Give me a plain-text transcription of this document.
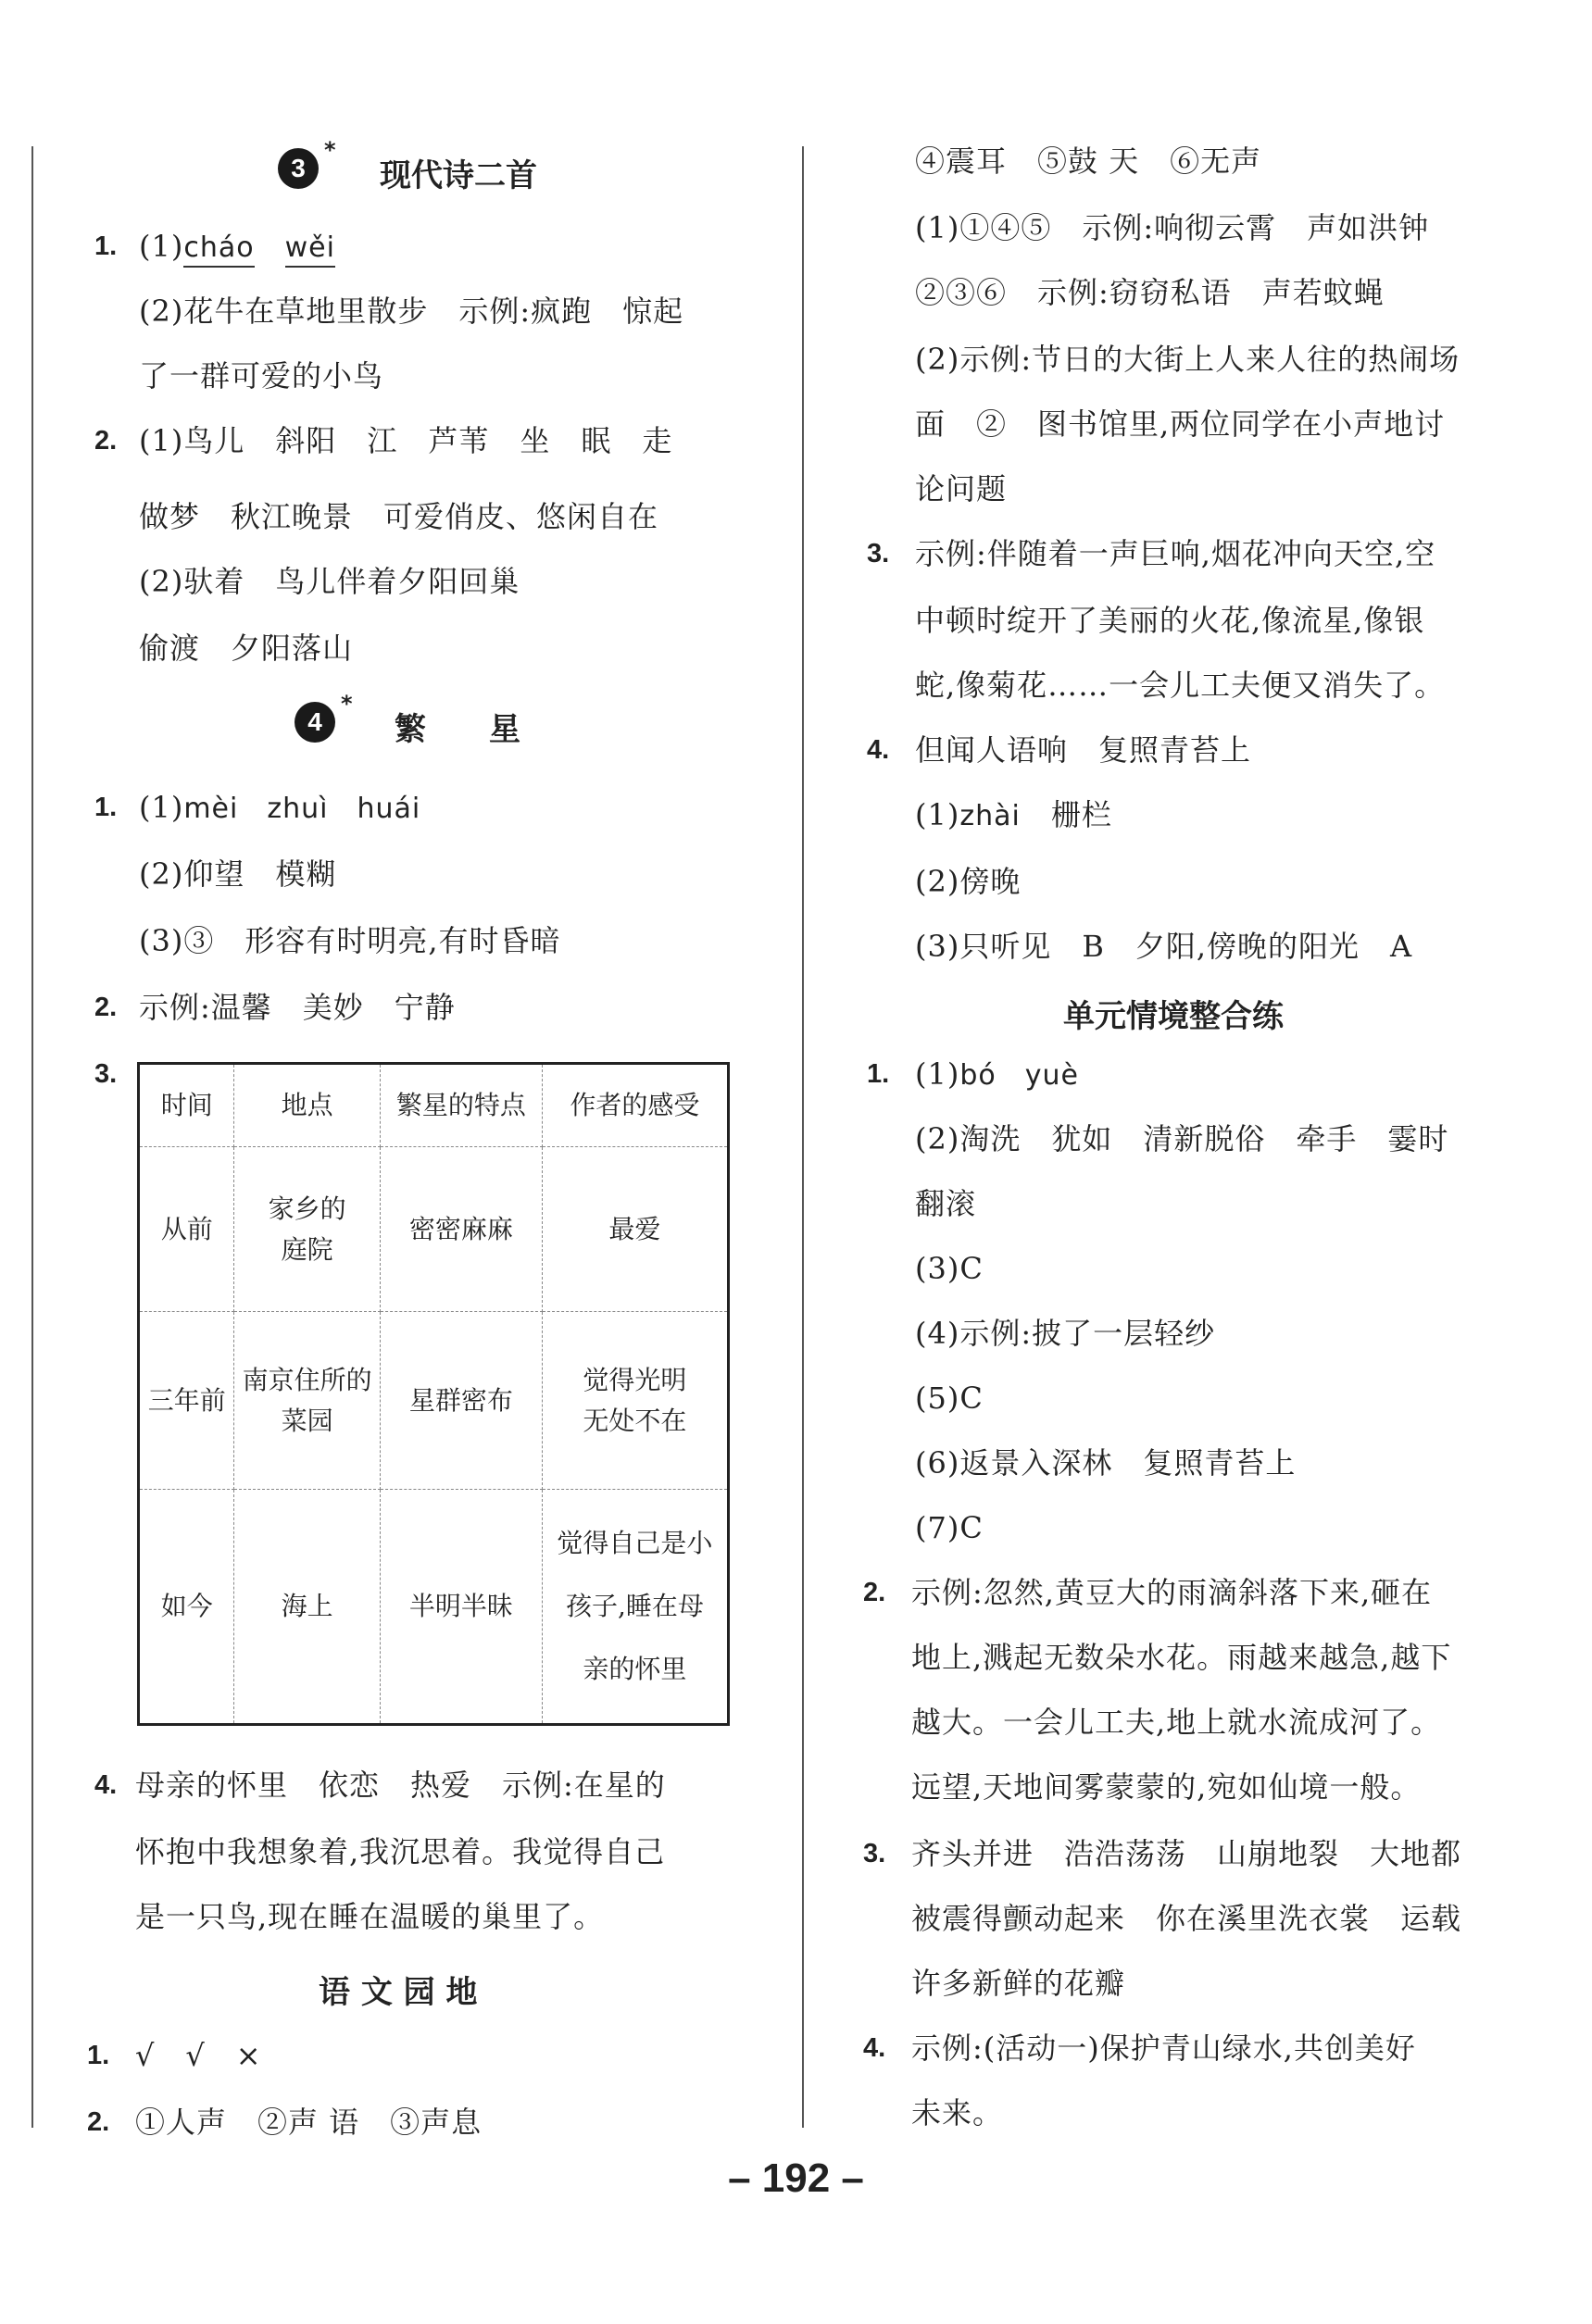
3
*
现代诗二首
1. (1)cháo　 wěi
(2)花牛在草地里散步　示例:疯跑　惊起
了一群可爱的小鸟
2. (1)鸟儿　斜阳　江　芦苇　坐　眠　走
做梦　秋江晚景　可爱俏皮、悠闲自在
(2)驮着　鸟儿伴着夕阳回巢
偷渡　夕阳落山
4
*
繁　　星
1. (1)mèi　zhuì　huái
(2)仰望　模糊
(3)③　形容有时明亮,有时昏暗
2. 示例:温馨　美妙　宁静
3.
时间	地点	繁星的特点	作者的感受
从前	家乡的庭院	密密麻麻	最爱
三年前	南京住所的菜园	星群密布	觉得光明无处不在
如今	海上	半明半昧	觉得自己是小孩子,睡在母亲的怀里
4. 母亲的怀里　依恋　热爱　示例:在星的
怀抱中我想象着,我沉思着。我觉得自己
是一只鸟,现在睡在温暖的巢里了。
语 文 园 地
1. √　√　×
2. ①人声　②声 语　③声息
④震耳　⑤鼓 天　⑥无声
(1)①④⑤　示例:响彻云霄　声如洪钟
②③⑥　示例:窃窃私语　声若蚊蝇
(2)示例:节日的大街上人来人往的热闹场
面　②　图书馆里,两位同学在小声地讨
论问题
3. 示例:伴随着一声巨响,烟花冲向天空,空
中顿时绽开了美丽的火花,像流星,像银
蛇,像菊花……一会儿工夫便又消失了。
4. 但闻人语响　复照青苔上
(1)zhài　栅栏
(2)傍晚
(3)只听见　B　夕阳,傍晚的阳光　A
单元情境整合练
1. (1)bó　yuè
(2)淘洗　犹如　清新脱俗　牵手　霎时
翻滚
(3)C
(4)示例:披了一层轻纱
(5)C
(6)返景入深林　复照青苔上
(7)C
2. 示例:忽然,黄豆大的雨滴斜落下来,砸在
地上,溅起无数朵水花。雨越来越急,越下
越大。一会儿工夫,地上就水流成河了。
远望,天地间雾蒙蒙的,宛如仙境一般。
3. 齐头并进　浩浩荡荡　山崩地裂　大地都
被震得颤动起来　你在溪里洗衣裳　运载
许多新鲜的花瓣
4. 示例:(活动一)保护青山绿水,共创美好
未来。
– 192 –
